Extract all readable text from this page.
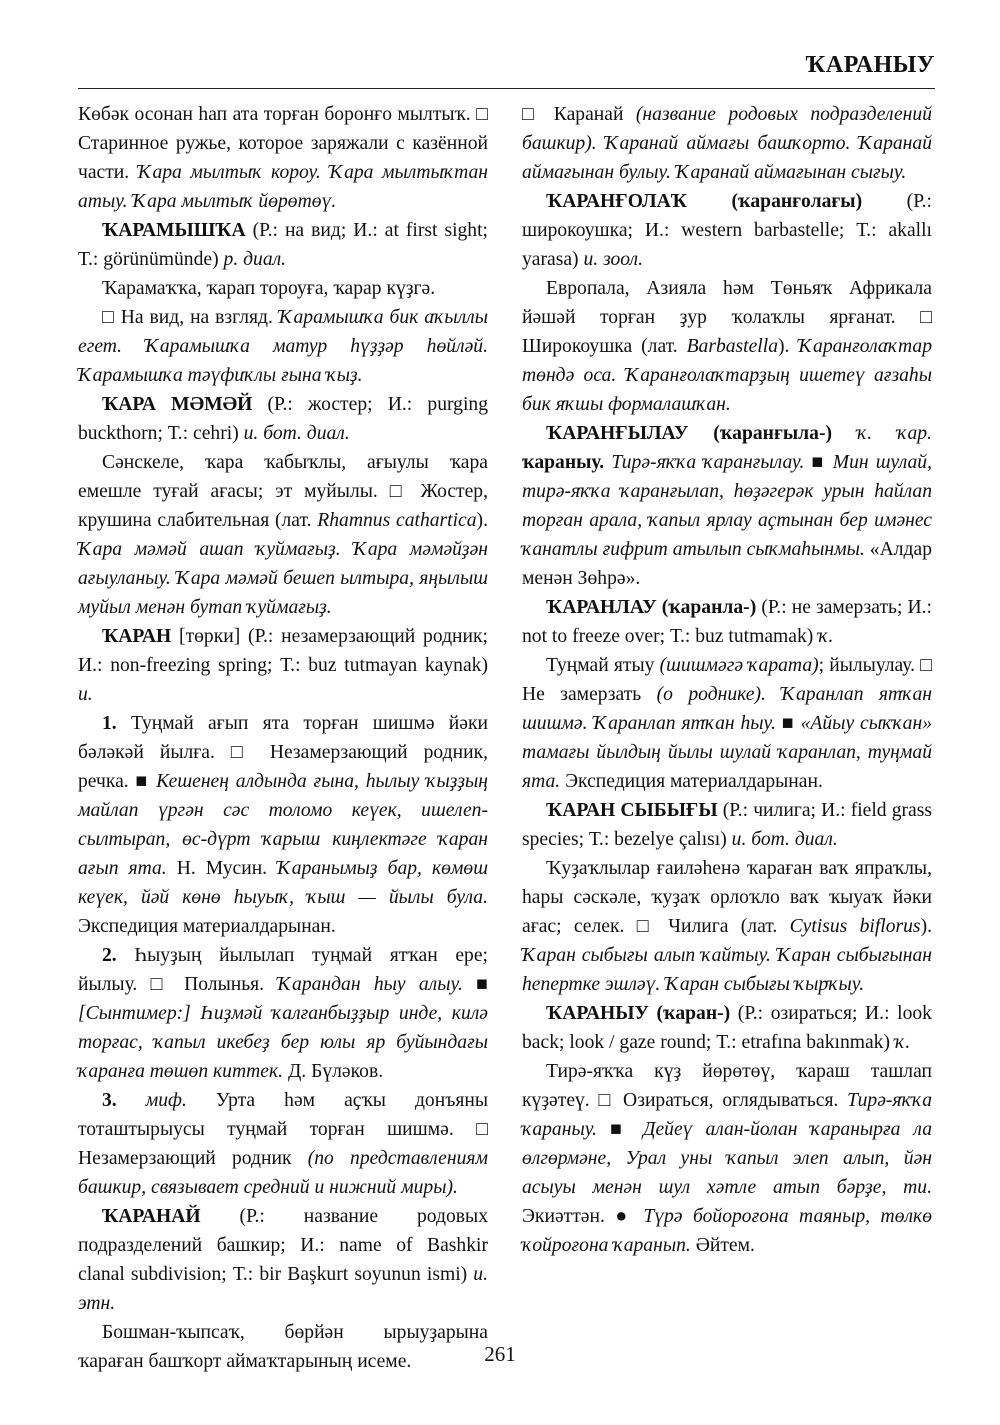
ҠАРАНЫУ

Көбәк осонан һап ата торған боронғо мылтыҡ. □ Старинное ружье, которое заряжали с казённой части. Ҡара мылтыҡ короу. Ҡара мылтыҡтан атыу. Ҡара мылтыҡ йөрөтөү.

ҠАРАМЫШҠА (Р.: на вид; И.: at first sight; Т.: görünümünde) р. диал.

Ҡарамаҡҡа, ҡарап тороуға, ҡарар күҙгә.

□ На вид, на взгляд. Ҡарамышҡа бик аҡыллы егет. Ҡарамышҡа матур һүҙҙәр һөйләй. Ҡарамышҡа тәүфиҡлы ғына ҡыҙ.

ҠАРА МӘМӘЙ (Р.: жостер; И.: purging buckthorn; Т.: cehri) и. бот. диал.

Сәнскеле, ҡара ҡабыҡлы, ағыулы ҡара емешле туғай ағасы; эт муйылы. □ Жостер, крушина слабительная (лат. Rhamnus cathartica). Ҡара мәмәй ашап ҡуймағыҙ. Ҡара мәмәйҙән ағыуланыу. Ҡара мәмәй бешеп ылтыра, яңылыш муйыл менән бутап ҡуймағыҙ.

ҠАРАН [төрки] (Р.: незамерзающий родник; И.: non-freezing spring; Т.: buz tutmayan kaynak) и.

1. Туңмай ағып ята торған шишмә йәки бәләкәй йылға. □ Незамерзающий родник, речка. ■ Кешенең алдында ғына, һылыу ҡыҙҙың майлап үргән сәс толомо кеүек, ишелеп-сылтырап, өс-дүрт ҡарыш киңлектәге ҡаран ағып ята. Н. Мусин. Ҡаранымыҙ бар, көмөш кеүек, йәй көнө һыуыҡ, ҡыш — йылы була. Экспедиция материалдарынан.

2. Һыуҙың йылылап туңмай ятҡан ере; йылыу. □ Полынья. Ҡарандан һыу алыу. ■ [Сынтимер:] Һиҙмәй ҡалғанбыҙҙыр инде, килә торғас, ҡапыл икебеҙ бер юлы яр буйындағы ҡаранға төшөп киттек. Д. Бүләков.

3. миф. Урта һәм аҫҡы донъяны тоташтырыусы туңмай торған шишмә. □ Незамерзающий родник (по представлениям башкир, связывает средний и нижний миры).

ҠАРАНАЙ (Р.: название родовых подразделений башкир; И.: name of Bashkir clanal subdivision; Т.: bir Başkurt soyunun ismi) и. этн.

Бошман-ҡыпсаҡ, бөрйән ырыуҙарына ҡараған башҡорт аймаҡтарының исеме.

□ Каранай (название родовых подразделений башкир). Ҡаранай аймағы башҡорто. Ҡаранай аймағынан булыу. Ҡаранай аймағынан сығыу.

ҠАРАНҒОЛАҠ (ҡаранғолағы) (Р.: широкоушка; И.: western barbastelle; Т.: akallı yarasa) и. зоол.

Европала, Азияла һәм Төньяҡ Африкала йәшәй торған ҙур ҡолаҡлы ярғанат. □ Широкоушка (лат. Barbastella). Ҡаранғолаҡтар төндә оса. Ҡаранғолаҡтарҙың ишетеү ағзаһы бик яҡшы формалашҡан.

ҠАРАНҒЫЛАУ (ҡаранғыла-) ҡ. ҡар. ҡараныу. Тирә-яҡҡа ҡаранғылау. ■ Мин шулай, тирә-яҡҡа ҡаранғылап, һөҙәгерәк урын һайлап торған арала, ҡапыл ярлау аҫтынан бер имәнес ҡанатлы ғифрит атылып сыҡмаһынмы. «Алдар менән Зөһрә».

ҠАРАНЛАУ (ҡаранла-) (Р.: не замерзать; И.: not to freeze over; Т.: buz tutmamak) ҡ.

Туңмай ятыу (шишмәгә ҡарата); йылыулау. □ Не замерзать (о роднике). Ҡаранлап ятҡан шишмә. Ҡаранлап ятҡан һыу. ■ «Айыу сыҡҡан» тамағы йылдың йылы шулай ҡаранлап, туңмай ята. Экспедиция материалдарынан.

ҠАРАН СЫБЫҒЫ (Р.: чилига; И.: field grass species; Т.: bezelye çalısı) и. бот. диал.

Ҡуҙаҡлылар ғаиләһенә ҡараған ваҡ япраҡлы, һары сәскәле, ҡуҙаҡ орлоҡло ваҡ ҡыуаҡ йәки ағас; селек. □ Чилига (лат. Cytisus biflorus). Ҡаран сыбығы алып ҡайтыу. Ҡаран сыбығынан һепертке эшләү. Ҡаран сыбығы ҡырҡыу.

ҠАРАНЫУ (ҡаран-) (Р.: озираться; И.: look back; look / gaze round; Т.: etrafına bakınmak) ҡ.

Тирә-яҡҡа күҙ йөрөтөү, ҡараш ташлап күҙәтеү. □ Озираться, оглядываться. Тирә-яҡҡа ҡараныу. ■ Дейеү алан-йолан ҡаранырға ла өлгөрмәне, Урал уны ҡапыл элеп алып, йән асыуы менән шул хәтле атып бәрҙе, ти. Экиәттән. ● Түрә бойороғона таяныр, төлкө ҡойроғона ҡаранып. Әйтем.

261
